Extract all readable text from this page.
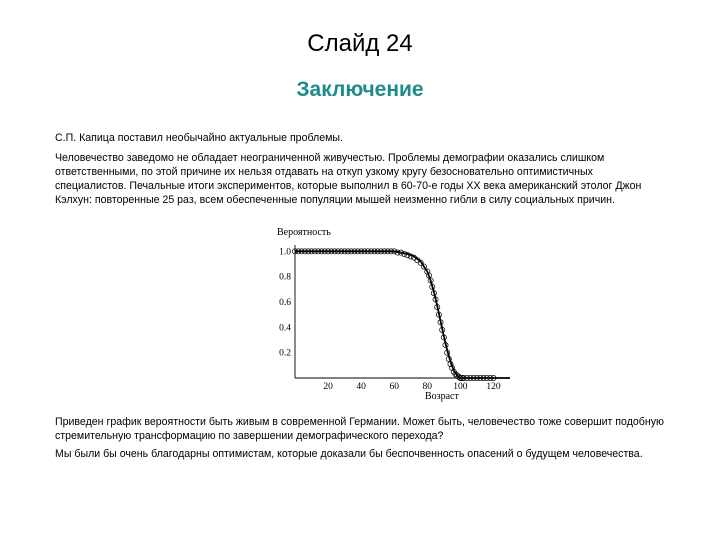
Слайд 24
Заключение
С.П. Капица поставил необычайно актуальные проблемы.
Человечество заведомо не обладает неограниченной живучестью. Проблемы демографии оказались слишком ответственными, по этой причине их нельзя отдавать на откуп узкому кругу безосновательно оптимистичных специалистов. Печальные итоги экспериментов, которые выполнил в 60-70-е годы XX века американский этолог Джон Кэлхун: повторенные 25 раз, всем обеспеченные популяции мышей неизменно гибли в силу социальных причин.
Вероятность
Возраст
1.0
0.8
0.6
0.4
0.2
20 40 60 80 100 120
Приведен график вероятности быть живым в современной Германии. Может быть, человечество тоже совершит подобную стремительную трансформацию по завершении демографического перехода?
Мы были бы очень благодарны оптимистам, которые доказали бы беспочвенность опасений о будущем человечества.
